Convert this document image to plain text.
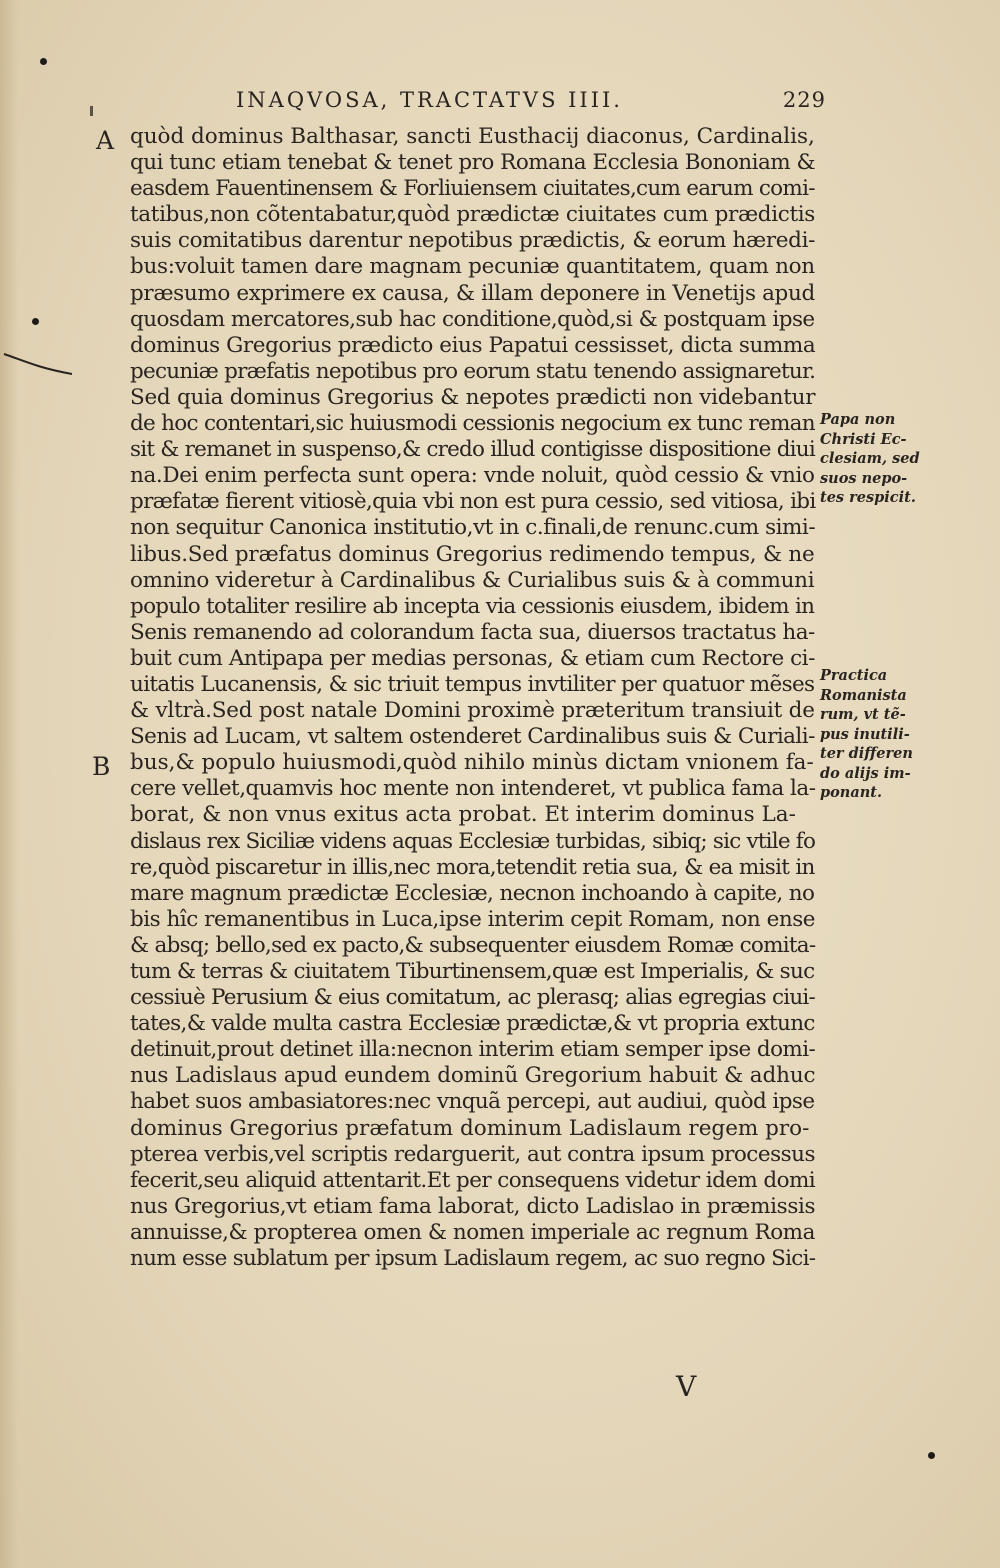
INAQVOSA, TRACTATVS IIII.	229
A
B
quòd dominus Balthasar, sancti Eusthacij diaconus, Cardinalis,
qui tunc etiam tenebat & tenet pro Romana Ecclesia Bononiam &
easdem Fauentinensem & Forliuiensem ciuitates,cum earum comi-
tatibus,non cõtentabatur,quòd prædictæ ciuitates cum prædictis
suis comitatibus darentur nepotibus prædictis, & eorum hæredi-
bus:voluit tamen dare magnam pecuniæ quantitatem, quam non
præsumo exprimere ex causa, & illam deponere in Venetijs apud
quosdam mercatores,sub hac conditione,quòd,si & postquam ipse
dominus Gregorius prædicto eius Papatui cessisset, dicta summa
pecuniæ præfatis nepotibus pro eorum statu tenendo assignaretur.
Sed quia dominus Gregorius & nepotes prædicti non videbantur
de hoc contentari,sic huiusmodi cessionis negocium ex tunc reman
sit & remanet in suspenso,& credo illud contigisse dispositione diui
na.Dei enim perfecta sunt opera: vnde noluit, quòd cessio & vnio
præfatæ fierent vitiosè,quia vbi non est pura cessio, sed vitiosa, ibi
non sequitur Canonica institutio,vt in c.finali,de renunc.cum simi-
libus.Sed præfatus dominus Gregorius redimendo tempus, & ne
omnino videretur à Cardinalibus & Curialibus suis & à communi
populo totaliter resilire ab incepta via cessionis eiusdem, ibidem in
Senis remanendo ad colorandum facta sua, diuersos tractatus ha-
buit cum Antipapa per medias personas, & etiam cum Rectore ci-
uitatis Lucanensis, & sic triuit tempus invtiliter per quatuor mẽses
& vltrà.Sed post natale Domini proximè præteritum transiuit de
Senis ad Lucam, vt saltem ostenderet Cardinalibus suis & Curiali-
bus,& populo huiusmodi,quòd nihilo minùs dictam vnionem fa-
cere vellet,quamvis hoc mente non intenderet, vt publica fama la-
borat, & non vnus exitus acta probat. Et interim dominus La-
dislaus rex Siciliæ videns aquas Ecclesiæ turbidas, sibiq; sic vtile fo
re,quòd piscaretur in illis,nec mora,tetendit retia sua, & ea misit in
mare magnum prædictæ Ecclesiæ, necnon inchoando à capite, no
bis hîc remanentibus in Luca,ipse interim cepit Romam, non ense
& absq; bello,sed ex pacto,& subsequenter eiusdem Romæ comita-
tum & terras & ciuitatem Tiburtinensem,quæ est Imperialis, & suc
cessiuè Perusium & eius comitatum, ac plerasq; alias egregias ciui-
tates,& valde multa castra Ecclesiæ prædictæ,& vt propria extunc
detinuit,prout detinet illa:necnon interim etiam semper ipse domi-
nus Ladislaus apud eundem dominũ Gregorium habuit & adhuc
habet suos ambasiatores:nec vnquã percepi, aut audiui, quòd ipse
dominus Gregorius præfatum dominum Ladislaum regem pro-
pterea verbis,vel scriptis redarguerit, aut contra ipsum processus
fecerit,seu aliquid attentarit.Et per consequens videtur idem domi
nus Gregorius,vt etiam fama laborat, dicto Ladislao in præmissis
annuisse,& propterea omen & nomen imperiale ac regnum Roma
num esse sublatum per ipsum Ladislaum regem, ac suo regno Sici-
Papa non
Christi Ec-
clesiam, sed
suos nepo-
tes respicit.
Practica
Romanista
rum, vt tẽ-
pus inutili-
ter differen
do alijs im-
ponant.
V
